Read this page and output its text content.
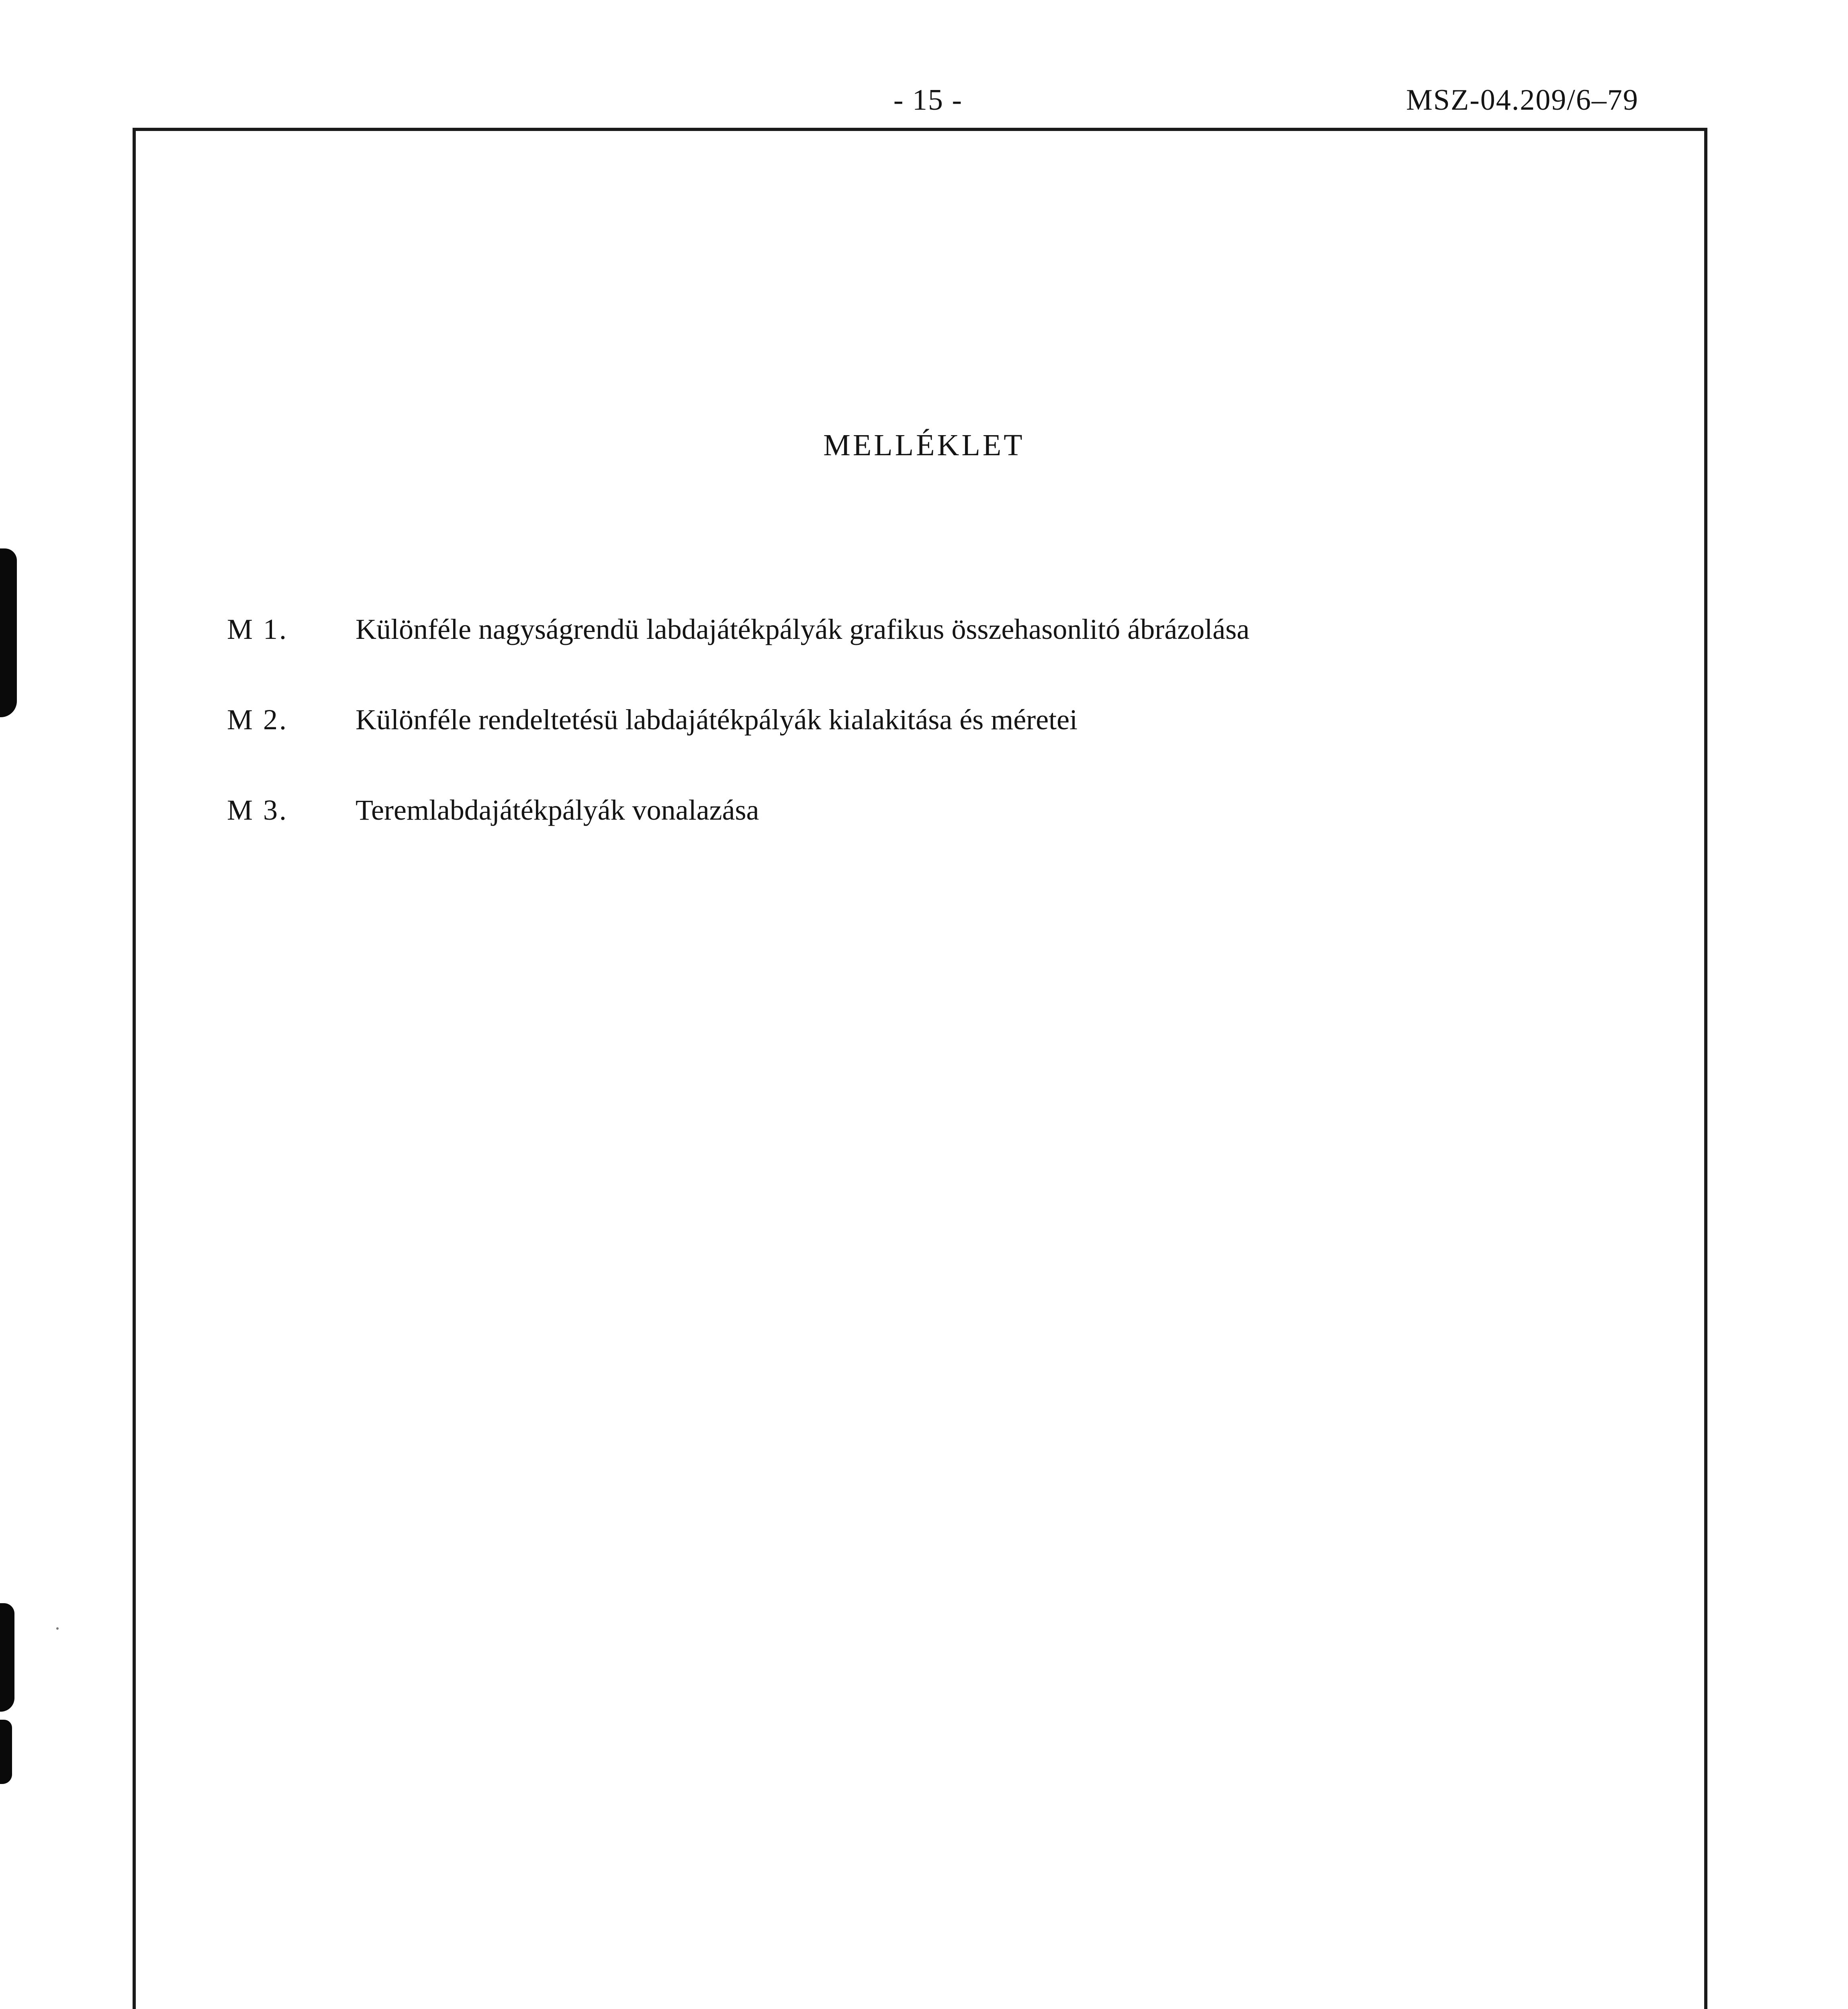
- 15 -	MSZ-04.209/6–79
MELLÉKLET
M 1. Különféle nagyságrendü labdajátékpályák grafikus összehasonlitó ábrázolása
M 2. Különféle rendeltetésü labdajátékpályák kialakitása és méretei
M 3. Teremlabdajátékpályák vonalazása
